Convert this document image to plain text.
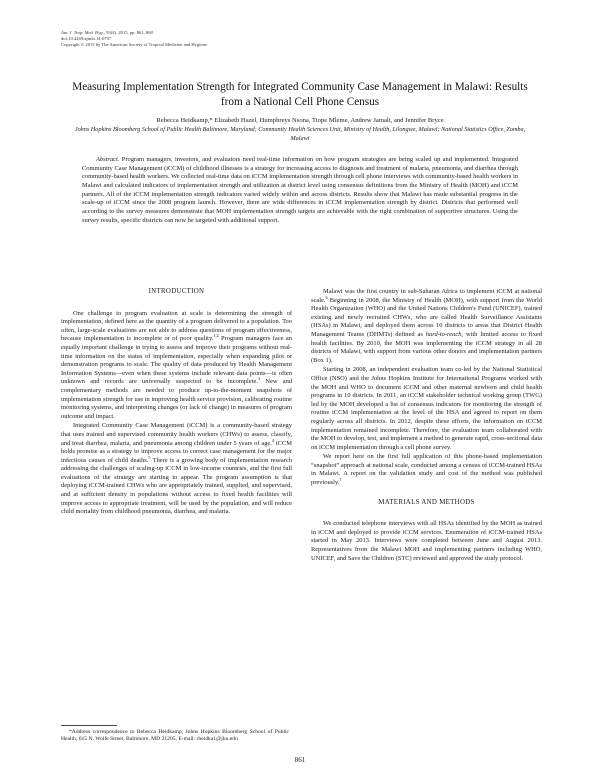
Am. J. Trop. Med. Hyg., 93(4), 2015, pp. 861–868
doi:10.4269/ajtmh.14-0797
Copyright © 2015 by The American Society of Tropical Medicine and Hygiene
Measuring Implementation Strength for Integrated Community Case Management in Malawi: Results from a National Cell Phone Census
Rebecca Heidkamp,* Elizabeth Hazel, Humphreys Nsona, Tiope Mleme, Andrew Jamali, and Jennifer Bryce
Johns Hopkins Bloomberg School of Public Health Baltimore, Maryland; Community Health Sciences Unit, Ministry of Health, Lilongwe, Malawi; National Statistics Office, Zomba, Malawi
Abstract. Program managers, investors, and evaluators need real-time information on how program strategies are being scaled up and implemented. Integrated Community Case Management (iCCM) of childhood illnesses is a strategy for increasing access to diagnosis and treatment of malaria, pneumonia, and diarrhea through community-based health workers. We collected real-time data on iCCM implementation strength through cell phone interviews with community-based health workers in Malawi and calculated indicators of implementation strength and utilization at district level using consensus definitions from the Ministry of Health (MOH) and iCCM partners. All of the iCCM implementation strength indicators varied widely within and across districts. Results show that Malawi has made substantial progress in the scale-up of iCCM since the 2008 program launch. However, there are wide differences in iCCM implementation strength by district. Districts that performed well according to the survey measures demonstrate that MOH implementation strength targets are achievable with the right combination of supportive structures. Using the survey results, specific districts can now be targeted with additional support.
INTRODUCTION

One challenge to program evaluation at scale is determining the strength of implementation, defined here as the quantity of a program delivered to a population. Too often, large-scale evaluations are not able to address questions of program effectiveness, because implementation is incomplete or of poor quality.$^{1,2}$ Program managers face an equally important challenge in trying to assess and improve their programs without real-time information on the status of implementation, especially when expanding pilot or demonstration programs to scale. The quality of data produced by Health Management Information Systems—even when these systems include relevant data points—is often unknown and records are universally suspected to be incomplete.$^3$ New and complementary methods are needed to produce up-to-the-moment snapshots of implementation strength for use in improving health service provision, calibrating routine monitoring systems, and interpreting changes (or lack of change) in measures of program outcome and impact.

Integrated Community Case Management (iCCM) is a community-based strategy that uses trained and supervised community health workers (CHWs) to assess, classify, and treat diarrhea, malaria, and pneumonia among children under 5 years of age.$^4$ iCCM holds promise as a strategy to improve access to correct case management for the major infectious causes of child deaths.$^5$ There is a growing body of implementation research addressing the challenges of scaling-up iCCM in low-income countries, and the first full evaluations of the strategy are starting to appear. The program assumption is that deploying iCCM-trained CHWs who are appropriately trained, supplied, and supervised, and at sufficient density in populations without access to fixed health facilities will improve access to appropriate treatment, will be used by the population, and will reduce child mortality from childhood pneumonia, diarrhea, and malaria.

Malawi was the first country in sub-Saharan Africa to implement iCCM at national scale.$^6$ Beginning in 2008, the Ministry of Health (MOH), with support from the World Health Organization (WHO) and the United Nations Children's Fund (UNICEF), trained existing and newly recruited CHWs, who are called Health Surveillance Assistants (HSAs) in Malawi, and deployed them across 10 districts to areas that District Health Management Teams (DHMTs) defined as hard-to-reach, with limited access to fixed health facilities. By 2010, the MOH was implementing the iCCM strategy in all 28 districts of Malawi, with support from various other donors and implementation partners (Box 1).

Starting in 2008, an independent evaluation team co-led by the National Statistical Office (NSO) and the Johns Hopkins Institute for International Programs worked with the MOH and WHO to document iCCM and other maternal newborn and child health programs in 10 districts. In 2011, an iCCM stakeholder technical working group (TWG) led by the MOH developed a list of consensus indicators for monitoring the strength of routine iCCM implementation at the level of the HSA and agreed to report on them regularly across all districts. In 2012, despite these efforts, the information on iCCM implementation remained incomplete. Therefore, the evaluation team collaborated with the MOH to develop, test, and implement a method to generate rapid, cross-sectional data on iCCM implementation through a cell phone survey.

We report here on the first full application of this phone-based implementation “snapshot” approach at national scale, conducted among a census of iCCM-trained HSAs in Malawi. A report on the validation study and cost of the method was published previously.$^7$

MATERIALS AND METHODS

We conducted telephone interviews with all HSAs identified by the MOH as trained in iCCM and deployed to provide iCCM services. Enumeration of iCCM-trained HSAs started in May 2013. Interviews were completed between June and August 2013. Representatives from the Malawi MOH and implementing partners including WHO, UNICEF, and Save the Children (STC) reviewed and approved the study protocol.

*Address correspondence to Rebecca Heidkamp, Johns Hopkins Bloomberg School of Public Health, 615 N. Wolfe Street, Baltimore, MD 21205. E-mail: rheidka1@jhu.edu
861
